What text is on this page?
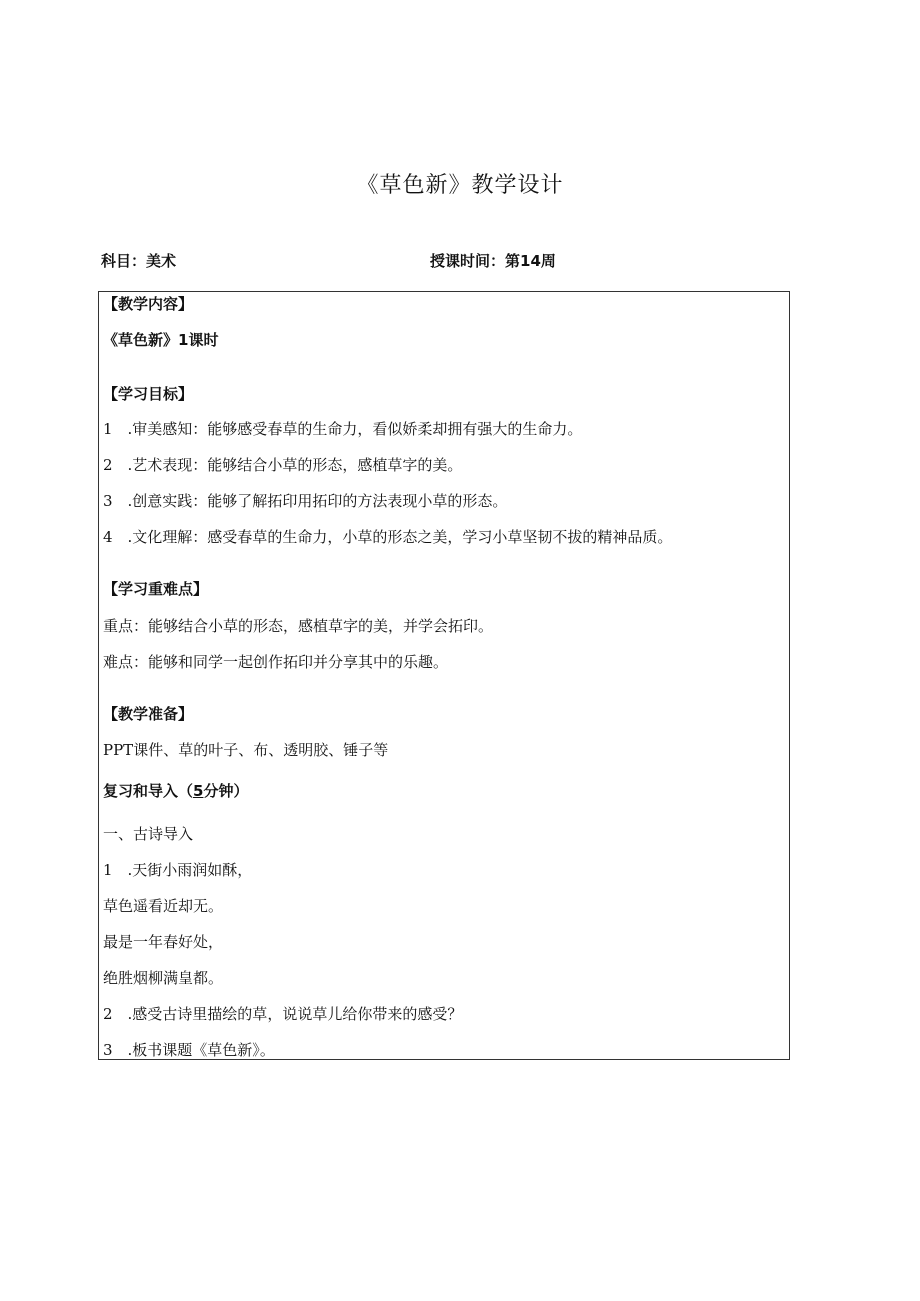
《草色新》教学设计
科目：美术	授课时间：第14周
【教学内容】
《草色新》1课时
【学习目标】
1　.审美感知：能够感受春草的生命力，看似娇柔却拥有强大的生命力。
2　.艺术表现：能够结合小草的形态，感植草字的美。
3　.创意实践：能够了解拓印用拓印的方法表现小草的形态。
4　.文化理解：感受春草的生命力，小草的形态之美，学习小草坚韧不拔的精神品质。
【学习重难点】
重点：能够结合小草的形态，感植草字的美，并学会拓印。
难点：能够和同学一起创作拓印并分享其中的乐趣。
【教学准备】
PPT课件、草的叶子、布、透明胶、锤子等
复习和导入（5分钟）
一、古诗导入
1　.天街小雨润如酥，
草色遥看近却无。
最是一年春好处，
绝胜烟柳满皇都。
2　.感受古诗里描绘的草，说说草儿给你带来的感受？
3　.板书课题《草色新》。
